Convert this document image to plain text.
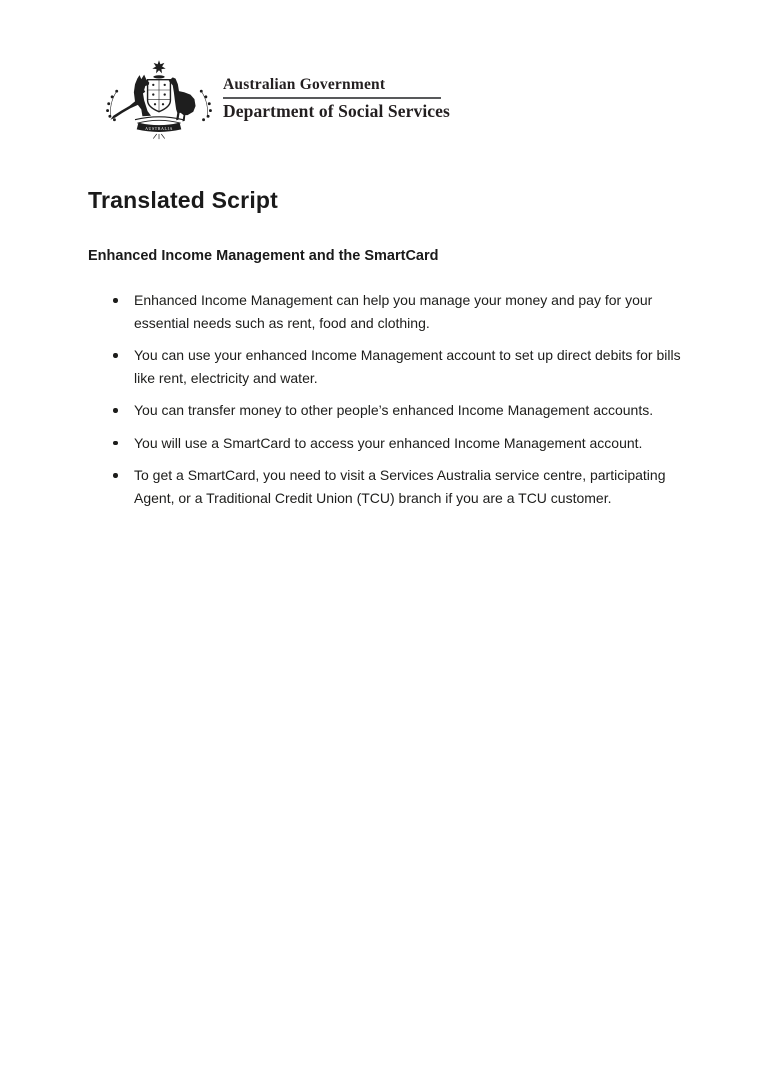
AUSTRALIA
Australian Government
Department of Social Services
Translated Script
Enhanced Income Management and the SmartCard
Enhanced Income Management can help you manage your money and pay for your essential needs such as rent, food and clothing.
You can use your enhanced Income Management account to set up direct debits for bills like rent, electricity and water.
You can transfer money to other people’s enhanced Income Management accounts.
You will use a SmartCard to access your enhanced Income Management account.
To get a SmartCard, you need to visit a Services Australia service centre, participating Agent, or a Traditional Credit Union (TCU) branch if you are a TCU customer.
